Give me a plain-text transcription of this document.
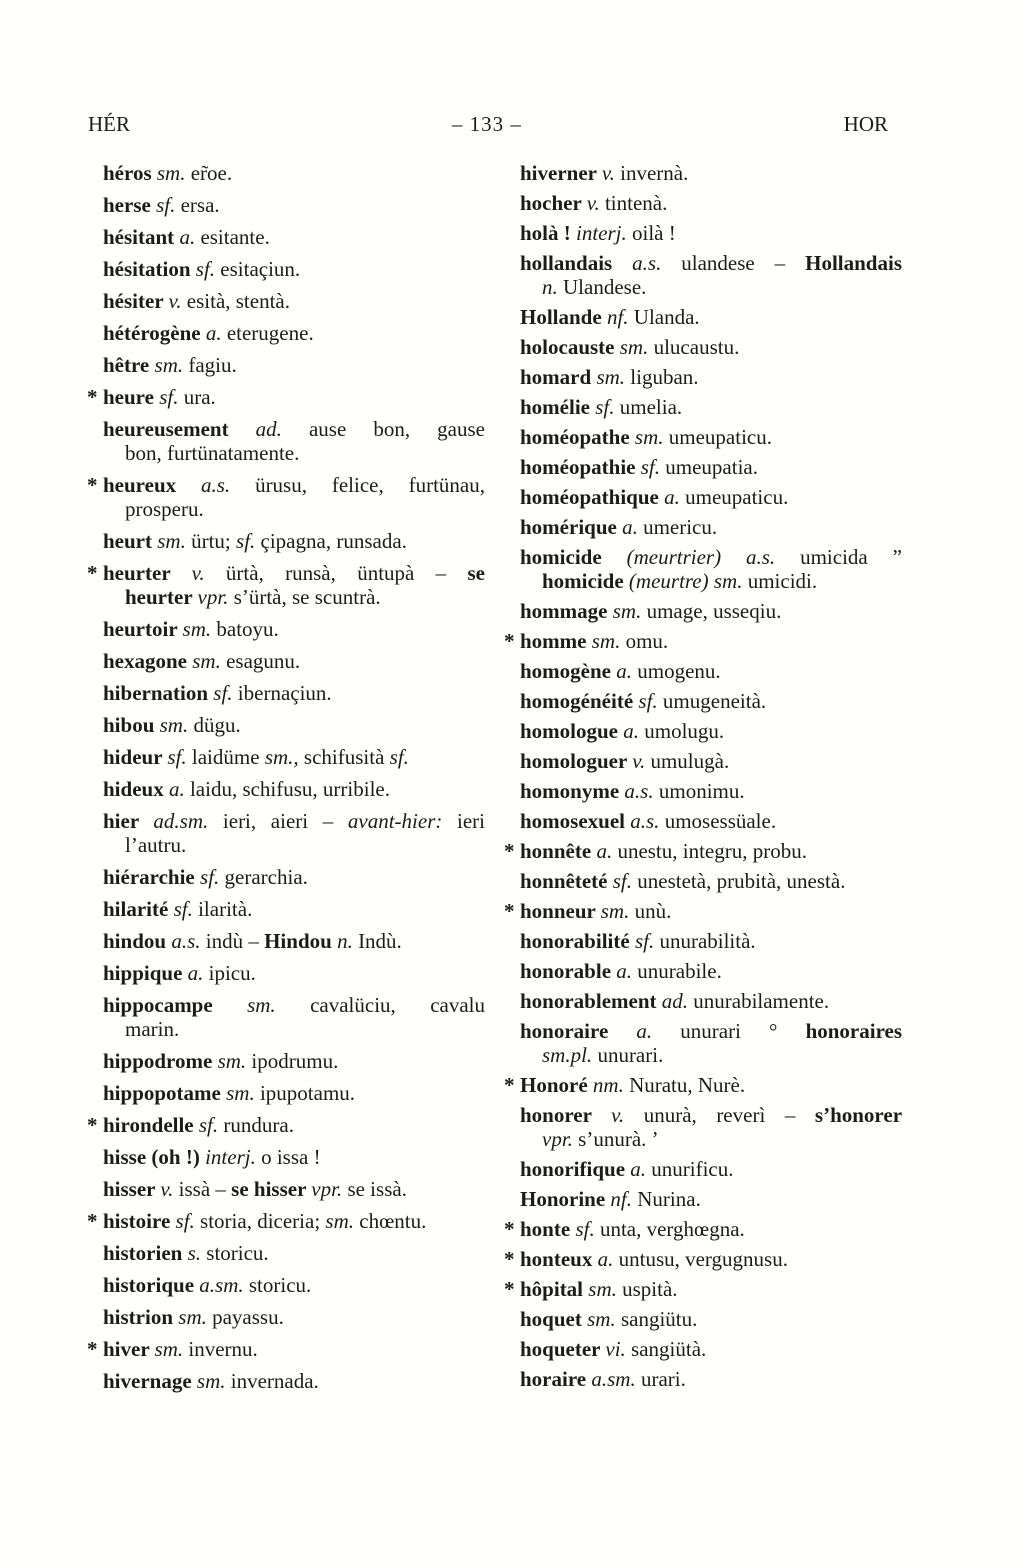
HÉR	– 133 –	HOR

héros sm. er̃oe.

herse sf. ersa.

hésitant a. esitante.

hésitation sf. esitaçiun.

hésiter v. esità, stentà.

hétérogène a. eterugene.

hêtre sm. fagiu.

* heure sf. ura.

heureusement ad. ause bon, gause
bon, furtünatamente.

* heureux a.s. ürusu, felice, furtünau,
prosperu.

heurt sm. ürtu; sf. çipagna, runsada.

* heurter v. ürtà, runsà, üntupà – se
heurter vpr. s’ürtà, se scuntrà.

heurtoir sm. batoyu.

hexagone sm. esagunu.

hibernation sf. ibernaçiun.

hibou sm. dügu.

hideur sf. laidüme sm., schifusità sf.

hideux a. laidu, schifusu, urribile.

hier ad.sm. ieri, aieri – avant-hier: ieri
l’autru.

hiérarchie sf. gerarchia.

hilarité sf. ilarità.

hindou a.s. indù – Hindou n. Indù.

hippique a. ipicu.

hippocampe sm. cavalüciu, cavalu
marin.

hippodrome sm. ipodrumu.

hippopotame sm. ipupotamu.

* hirondelle sf. rundura.

hisse (oh !) interj. o issa !

hisser v. issà – se hisser vpr. se issà.

* histoire sf. storia, diceria; sm. chœntu.

historien s. storicu.

historique a.sm. storicu.

histrion sm. payassu.

* hiver sm. invernu.

hivernage sm. invernada.

hiverner v. invernà.

hocher v. tintenà.

holà ! interj. oilà !

hollandais a.s. ulandese – Hollandais
n. Ulandese.

Hollande nf. Ulanda.

holocauste sm. ulucaustu.

homard sm. liguban.

homélie sf. umelia.

homéopathe sm. umeupaticu.

homéopathie sf. umeupatia.

homéopathique a. umeupaticu.

homérique a. umericu.

homicide (meurtrier) a.s. umicida ”
homicide (meurtre) sm. umicidi.

hommage sm. umage, usseqiu.

* homme sm. omu.

homogène a. umogenu.

homogénéité sf. umugeneità.

homologue a. umolugu.

homologuer v. umulugà.

homonyme a.s. umonimu.

homosexuel a.s. umosessüale.

* honnête a. unestu, integru, probu.

honnêteté sf. unestetà, prubità, unestà.

* honneur sm. unù.

honorabilité sf. unurabilità.

honorable a. unurabile.

honorablement ad. unurabilamente.

honoraire a. unurari ° honoraires
sm.pl. unurari.

* Honoré nm. Nuratu, Nurè.

honorer v. unurà, reverì – s’honorer
vpr. s’unurà. ’

honorifique a. unurificu.

Honorine nf. Nurina.

* honte sf. unta, verghœgna.

* honteux a. untusu, vergugnusu.

* hôpital sm. uspità.

hoquet sm. sangiütu.

hoqueter vi. sangiütà.

horaire a.sm. urari.
